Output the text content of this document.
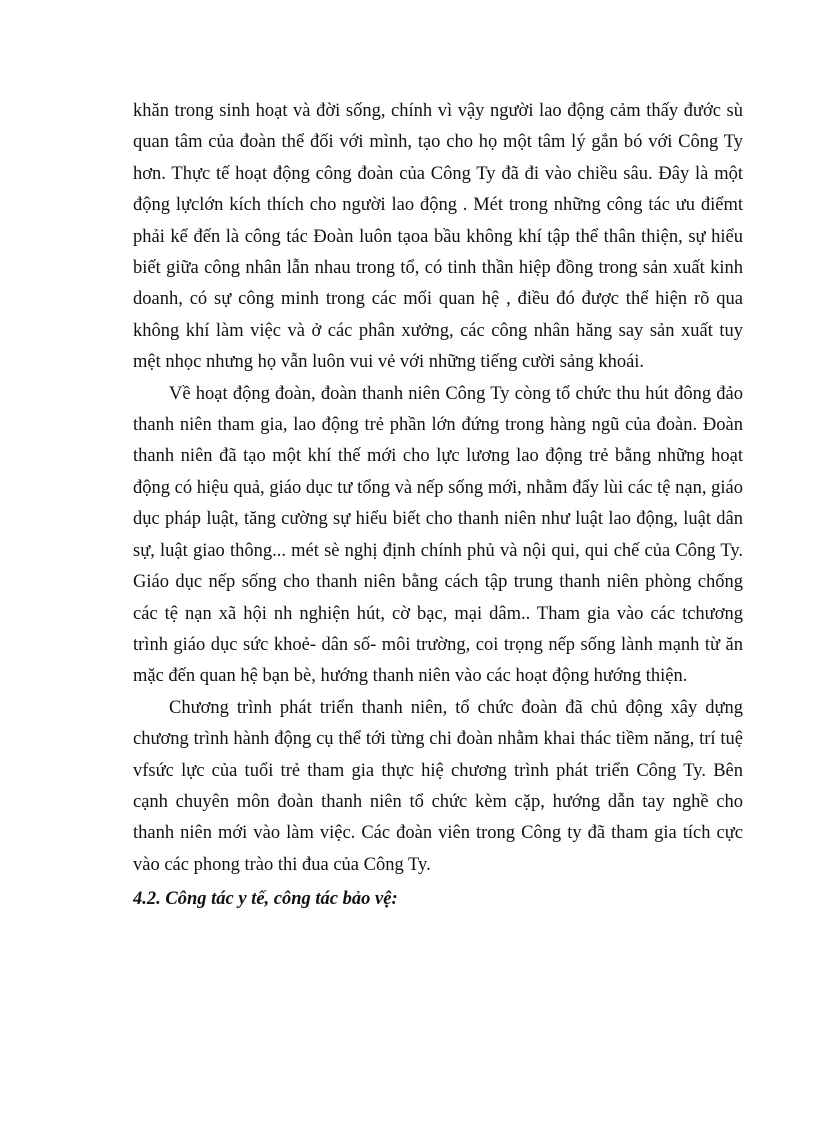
khăn trong sinh hoạt và đời sống, chính vì vậy người lao động cảm thấy đước sù quan tâm của đoàn thể đối với mình, tạo cho họ một tâm lý gắn bó với Công Ty hơn. Thực tế hoạt động công đoàn của Công Ty đã đi vào chiều sâu. Đây là một động lựclớn kích thích cho người lao động . Mét trong những công tác ưu điểmt phải kể đến là công tác Đoàn luôn tạoa bầu không khí tập thể thân thiện, sự hiểu biết giữa công nhân lẫn nhau trong tổ, có tinh thần hiệp đồng trong sản xuất kinh doanh, có sự công minh trong các mối quan hệ , điều đó được thể hiện rõ qua không khí làm việc và ở các phân xưởng, các công nhân hăng say sản xuất tuy mệt nhọc nhưng họ vẫn luôn vui vẻ với những tiếng cười sảng khoái.

Về hoạt động đoàn, đoàn thanh niên Công Ty còng tổ chức thu hút đông đảo thanh niên tham gia, lao động trẻ phần lớn đứng trong hàng ngũ của đoàn. Đoàn thanh niên đã tạo một khí thế mới cho lực lương lao động trẻ bằng những hoạt động có hiệu quả, giáo dục tư tổng và nếp sống mới, nhằm đẩy lùi các tệ nạn, giáo dục pháp luật, tăng cường sự hiểu biết cho thanh niên như luật lao động, luật dân sự, luật giao thông... mét sè nghị định chính phủ và nội qui, qui chế của Công Ty. Giáo dục nếp sống cho thanh niên bằng cách tập trung thanh niên phòng chống các tệ nạn xã hội nh nghiện hút, cờ bạc, mại dâm.. Tham gia vào các tchương trình giáo dục sức khoẻ- dân số- môi trường, coi trọng nếp sống lành mạnh từ ăn mặc đến quan hệ bạn bè, hướng thanh niên vào các hoạt động hướng thiện.

Chương trình phát triển thanh niên, tổ chức đoàn đã chủ động xây dựng chương trình hành động cụ thể tới từng chi đoàn nhằm khai thác tiềm năng, trí tuệ vfsức lực của tuổi trẻ tham gia thực hiệ chương trình phát triển Công Ty. Bên cạnh chuyên môn đoàn thanh niên tổ chức kèm cặp, hướng dẫn tay nghề cho thanh niên mới vào làm việc. Các đoàn viên trong Công ty đã tham gia tích cực vào các phong trào thi đua của Công Ty.

4.2. Công tác y tế, công tác bảo vệ:
